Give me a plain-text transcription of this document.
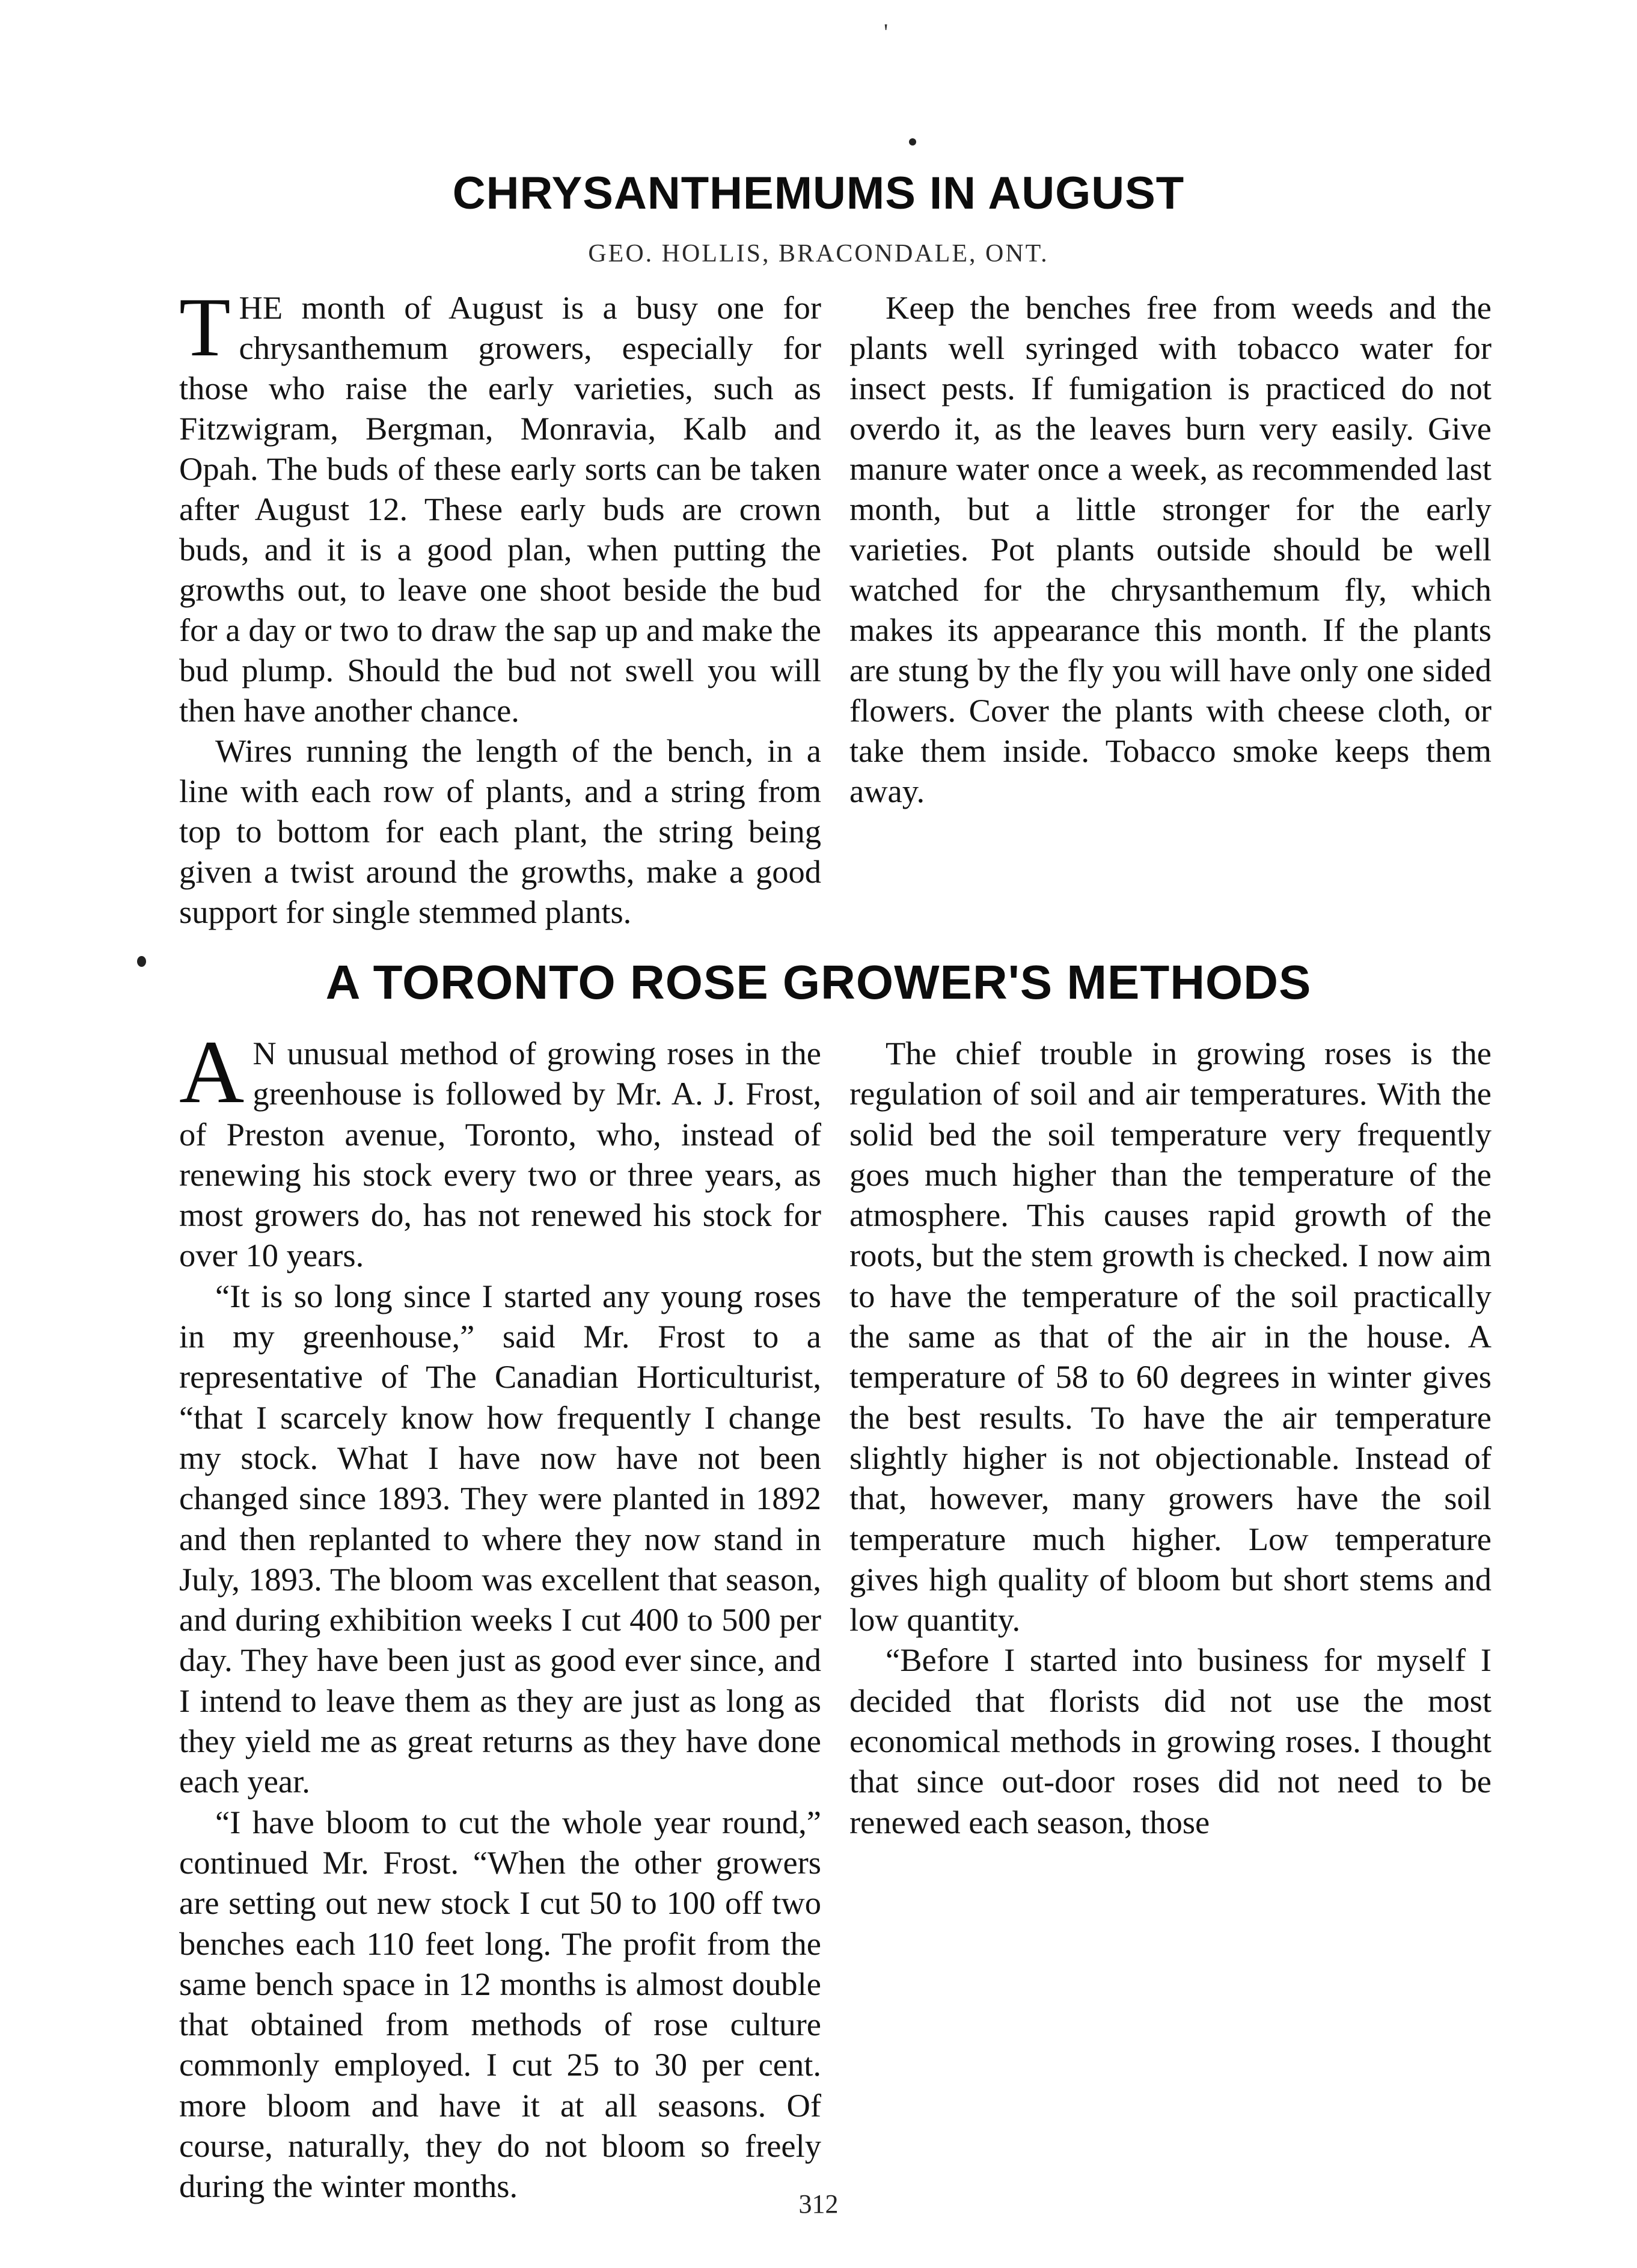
'
CHRYSANTHEMUMS IN AUGUST

GEO. HOLLIS, BRACONDALE, ONT.

THE month of August is a busy one for chrysanthemum growers, especially for those who raise the early varieties, such as Fitzwigram, Bergman, Monravia, Kalb and Opah. The buds of these early sorts can be taken after August 12. These early buds are crown buds, and it is a good plan, when putting the growths out, to leave one shoot beside the bud for a day or two to draw the sap up and make the bud plump. Should the bud not swell you will then have another chance.

Wires running the length of the bench, in a line with each row of plants, and a string from top to bottom for each plant, the string being given a twist around the growths, make a good support for single stemmed plants.

Keep the benches free from weeds and the plants well syringed with tobacco water for insect pests. If fumigation is practiced do not overdo it, as the leaves burn very easily. Give manure water once a week, as recommended last month, but a little stronger for the early varieties. Pot plants outside should be well watched for the chrysanthemum fly, which makes its appearance this month. If the plants are stung by the fly you will have only one sided flowers. Cover the plants with cheese cloth, or take them inside. Tobacco smoke keeps them away.

A TORONTO ROSE GROWER'S METHODS

A N unusual method of growing roses in the greenhouse is followed by Mr. A. J. Frost, of Preston avenue, Toronto, who, instead of renewing his stock every two or three years, as most growers do, has not renewed his stock for over 10 years.

“It is so long since I started any young roses in my greenhouse,” said Mr. Frost to a representative of The Canadian Horticulturist, “that I scarcely know how frequently I change my stock. What I have now have not been changed since 1893. They were planted in 1892 and then replanted to where they now stand in July, 1893. The bloom was excellent that season, and during exhibition weeks I cut 400 to 500 per day. They have been just as good ever since, and I intend to leave them as they are just as long as they yield me as great returns as they have done each year.

“I have bloom to cut the whole year round,” continued Mr. Frost. “When the other growers are setting out new stock I cut 50 to 100 off two benches each 110 feet long. The profit from the same bench space in 12 months is almost double that obtained from methods of rose culture commonly employed. I cut 25 to 30 per cent. more bloom and have it at all seasons. Of course, naturally, they do not bloom so freely during the winter months.

The chief trouble in growing roses is the regulation of soil and air temperatures. With the solid bed the soil temperature very frequently goes much higher than the temperature of the atmosphere. This causes rapid growth of the roots, but the stem growth is checked. I now aim to have the temperature of the soil practically the same as that of the air in the house. A temperature of 58 to 60 degrees in winter gives the best results. To have the air temperature slightly higher is not objectionable. Instead of that, however, many growers have the soil temperature much higher. Low temperature gives high quality of bloom but short stems and low quantity.

“Before I started into business for myself I decided that florists did not use the most economical methods in growing roses. I thought that since out-door roses did not need to be renewed each season, those

312
